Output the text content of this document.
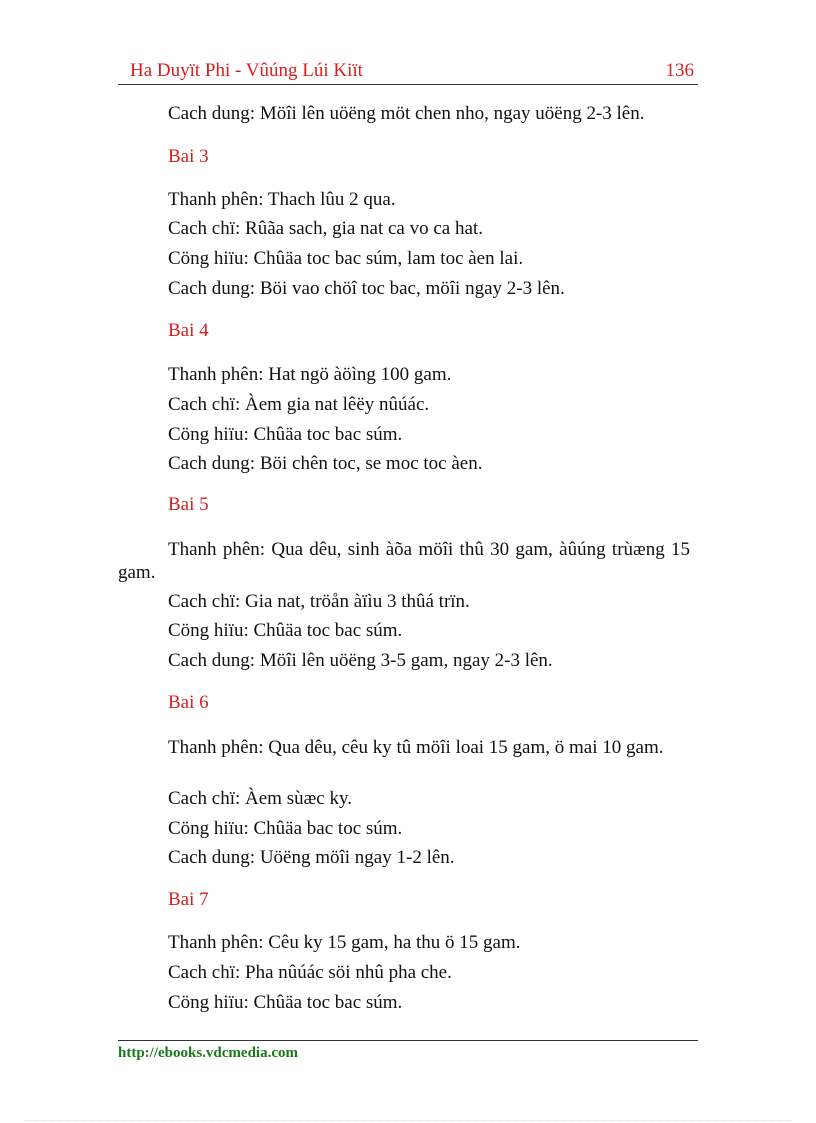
Ha Duyït Phi - Vûúng Lúi Kiït	136
Cach dung: Möîi lên uöëng möt chen nho, ngay uöëng 2-3 lên.
Bai 3
Thanh phên: Thach lûu 2 qua.
Cach chï: Rûãa sach, gia nat ca vo ca hat.
Cöng hiïu: Chûäa toc bac súm, lam toc àen lai.
Cach dung: Böi vao chöî toc bac, möîi ngay 2-3 lên.
Bai 4
Thanh phên: Hat ngö àöìng 100 gam.
Cach chï: Àem gia nat lêëy nûúác.
Cöng hiïu: Chûäa toc bac súm.
Cach dung: Böi chên toc, se moc toc àen.
Bai 5
Thanh phên: Qua dêu, sinh àõa möîi thû 30 gam, àûúng trùæng 15 gam.
Cach chï: Gia nat, tröån àïìu 3 thûá trïn.
Cöng hiïu: Chûäa toc bac súm.
Cach dung: Möîi lên uöëng 3-5 gam, ngay 2-3 lên.
Bai 6
Thanh phên: Qua dêu, cêu ky tû möîi loai 15 gam, ö mai 10 gam.
Cach chï: Àem sùæc ky.
Cöng hiïu: Chûäa bac toc súm.
Cach dung: Uöëng möîi ngay 1-2 lên.
Bai 7
Thanh phên: Cêu ky 15 gam, ha thu ö 15 gam.
Cach chï: Pha nûúác söi nhû pha che.
Cöng hiïu: Chûäa toc bac súm.
http://ebooks.vdcmedia.com
